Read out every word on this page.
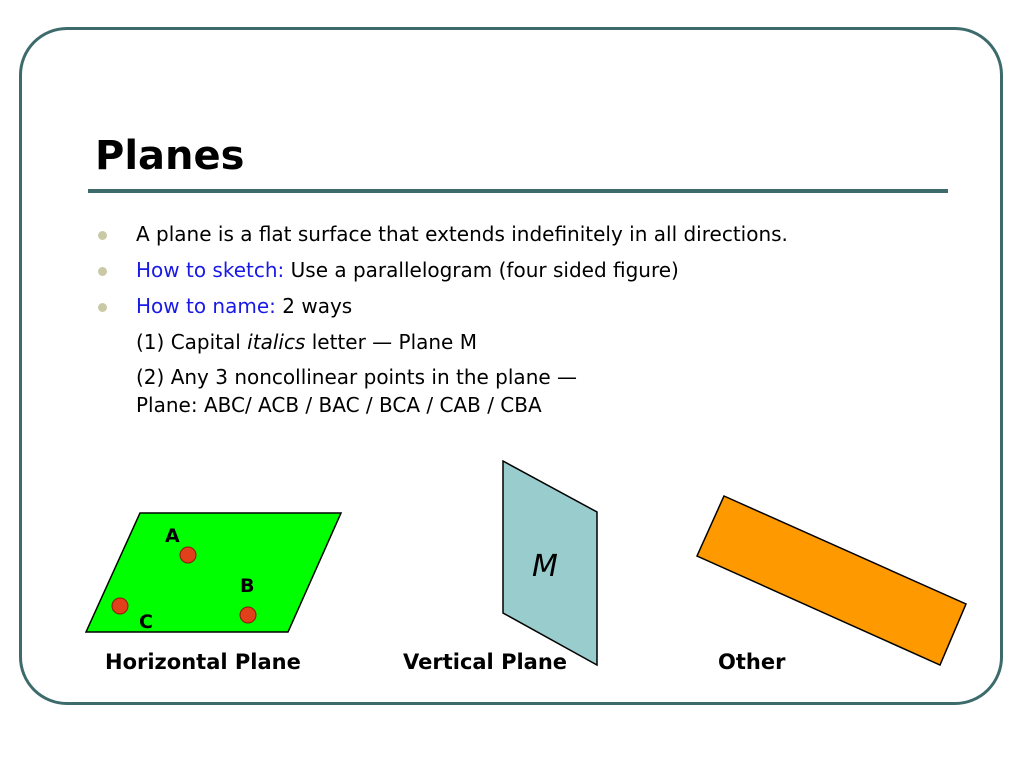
Planes
A plane is a flat surface that extends indefinitely in all directions.
How to sketch: Use a parallelogram (four sided figure)
How to name: 2 ways
(1) Capital italics letter — Plane M
(2) Any 3 noncollinear points in the plane —
Plane: ABC/ ACB / BAC / BCA / CAB / CBA
A
B
C
M
Horizontal Plane	Vertical Plane	Other
